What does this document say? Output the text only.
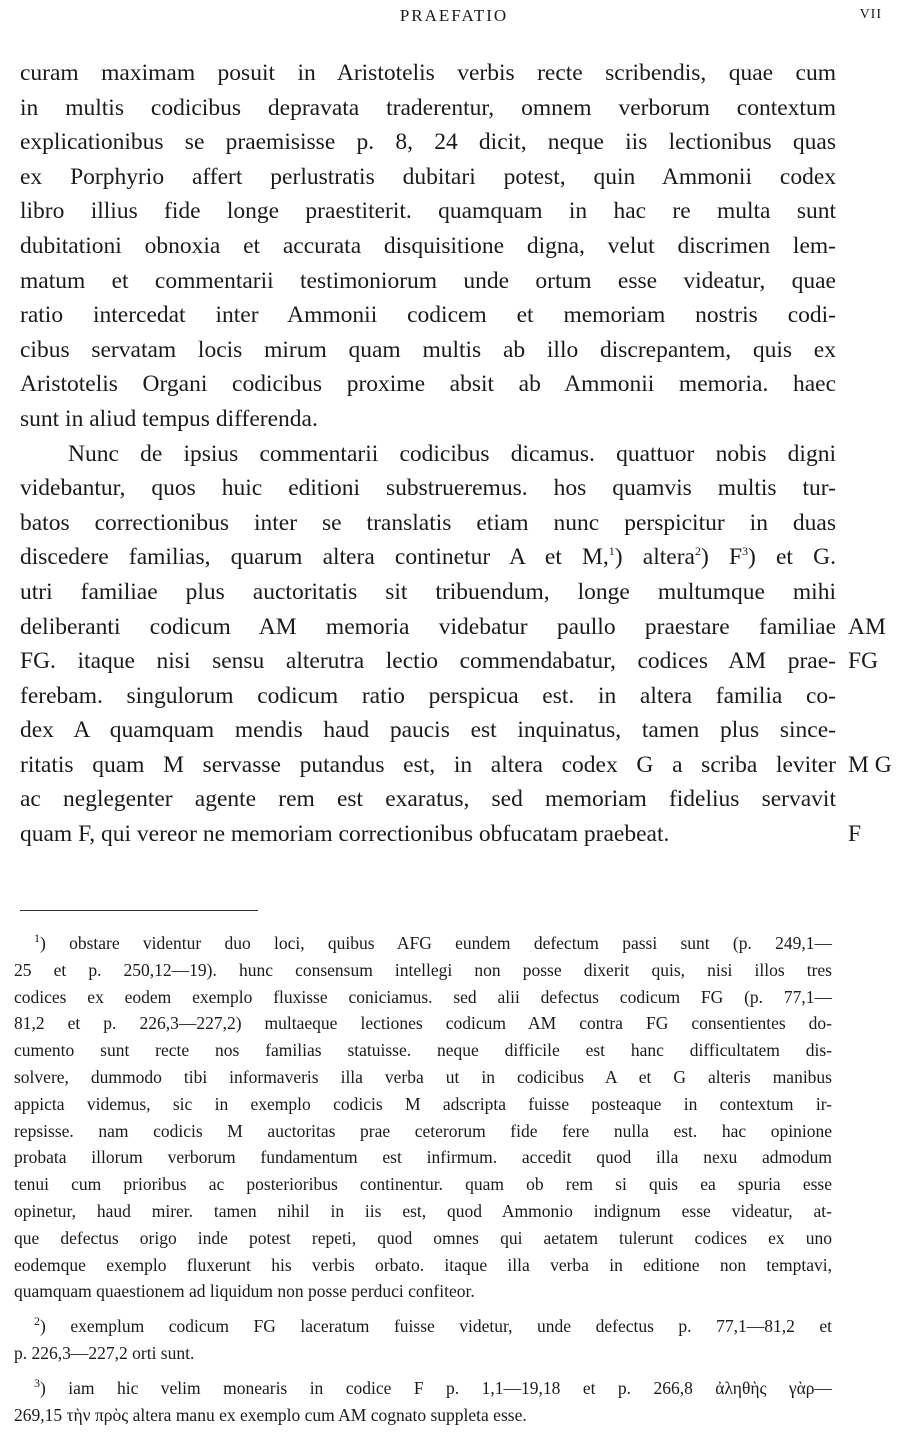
PRAEFATIO	VII
curam maximam posuit in Aristotelis verbis recte scribendis, quae cum
in multis codicibus depravata traderentur, omnem verborum contextum
explicationibus se praemisisse p. 8, 24 dicit, neque iis lectionibus quas
ex Porphyrio affert perlustratis dubitari potest, quin Ammonii codex
libro illius fide longe praestiterit. quamquam in hac re multa sunt
dubitationi obnoxia et accurata disquisitione digna, velut discrimen lem-
matum et commentarii testimoniorum unde ortum esse videatur, quae
ratio intercedat inter Ammonii codicem et memoriam nostris codi-
cibus servatam locis mirum quam multis ab illo discrepantem, quis ex
Aristotelis Organi codicibus proxime absit ab Ammonii memoria. haec
sunt in aliud tempus differenda.
Nunc de ipsius commentarii codicibus dicamus. quattuor nobis digni
videbantur, quos huic editioni substrueremus. hos quamvis multis tur-
batos correctionibus inter se translatis etiam nunc perspicitur in duas
discedere familias, quarum altera continetur A et M,$^1$) altera$^2$) $F^3$) et G.
utri familiae plus auctoritatis sit tribuendum, longe multumque mihi
deliberanti codicum AM memoria videbatur paullo praestare familiae AM
FG. itaque nisi sensu alterutra lectio commendabatur, codices AM prae- FG
ferebam. singulorum codicum ratio perspicua est. in altera familia co-
dex A quamquam mendis haud paucis est inquinatus, tamen plus since-
ritatis quam M servasse putandus est, in altera codex G a scriba leviter M G
ac neglegenter agente rem est exaratus, sed memoriam fidelius servavit
quam F, qui vereor ne memoriam correctionibus obfucatam praebeat.	F
$^1$) obstare videntur duo loci, quibus AFG eundem defectum passi sunt (p. 249,1—
25 et p. 250,12—19). hunc consensum intellegi non posse dixerit quis, nisi illos tres
codices ex eodem exemplo fluxisse coniciamus. sed alii defectus codicum FG (p. 77,1—
81,2 et p. 226,3—227,2) multaeque lectiones codicum AM contra FG consentientes do-
cumento sunt recte nos familias statuisse. neque difficile est hanc difficultatem dis-
solvere, dummodo tibi informaveris illa verba ut in codicibus A et G alteris manibus
appicta videmus, sic in exemplo codicis M adscripta fuisse posteaque in contextum ir-
repsisse. nam codicis M auctoritas prae ceterorum fide fere nulla est. hac opinione
probata illorum verborum fundamentum est infirmum. accedit quod illa nexu admodum
tenui cum prioribus ac posterioribus continentur. quam ob rem si quis ea spuria esse
opinetur, haud mirer. tamen nihil in iis est, quod Ammonio indignum esse videatur, at-
que defectus origo inde potest repeti, quod omnes qui aetatem tulerunt codices ex uno
eodemque exemplo fluxerunt his verbis orbato. itaque illa verba in editione non temptavi,
quamquam quaestionem ad liquidum non posse perduci confiteor.
$^2$) exemplum codicum FG laceratum fuisse videtur, unde defectus p. 77,1—81,2 et
p. 226,3—227,2 orti sunt.
$^3$) iam hic velim monearis in codice F p. 1,1—19,18 et p. 266,8 ἀληθὴς γὰρ—
269,15 τὴν πρὸς altera manu ex exemplo cum AM cognato suppleta esse.
